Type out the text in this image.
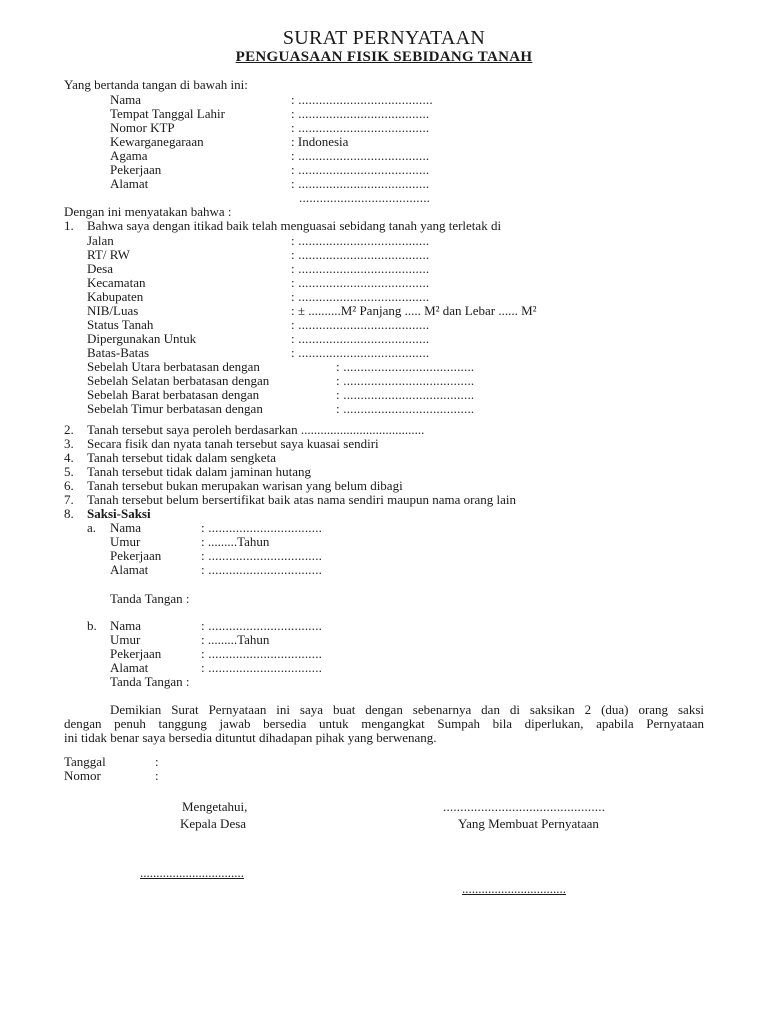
SURAT PERNYATAAN
PENGUASAAN FISIK SEBIDANG TANAH
Yang bertanda tangan di bawah ini:
Nama	: .......................................
Tempat Tanggal Lahir	: ......................................
Nomor KTP	: ......................................
Kewarganegaraan	: Indonesia
Agama	: ......................................
Pekerjaan	: ......................................
Alamat	: ......................................
......................................
Dengan ini menyatakan bahwa :
1. Bahwa saya dengan itikad baik telah menguasai sebidang tanah yang terletak di
Jalan	: ......................................
RT/ RW	: ......................................
Desa	: ......................................
Kecamatan	: ......................................
Kabupaten	: ......................................
NIB/Luas	: ± ..........M² Panjang ..... M² dan Lebar ...... M²
Status Tanah	: ......................................
Dipergunakan Untuk	: ......................................
Batas-Batas	: ......................................
Sebelah Utara berbatasan dengan	: ......................................
Sebelah Selatan berbatasan dengan	: ......................................
Sebelah Barat berbatasan dengan	: ......................................
Sebelah Timur berbatasan dengan	: ......................................
2. Tanah tersebut saya peroleh berdasarkan ......................................
3. Secara fisik dan nyata tanah tersebut saya kuasai sendiri
4. Tanah tersebut tidak dalam sengketa
5. Tanah tersebut tidak dalam jaminan hutang
6. Tanah tersebut bukan merupakan warisan yang belum dibagi
7. Tanah tersebut belum bersertifikat baik atas nama sendiri maupun nama orang lain
8. Saksi-Saksi
a. Nama	: .................................
Umur	: .........Tahun
Pekerjaan	: .................................
Alamat	: .................................
Tanda Tangan :
b. Nama	: .................................
Umur	: .........Tahun
Pekerjaan	: .................................
Alamat	: .................................
Tanda Tangan :
Demikian Surat Pernyataan ini saya buat dengan sebenarnya dan di saksikan 2 (dua) orang saksi
dengan penuh tanggung jawab bersedia untuk mengangkat Sumpah bila diperlukan, apabila Pernyataan
ini tidak benar saya bersedia dituntut dihadapan pihak yang berwenang.
Tanggal	:
Nomor	:
Mengetahui,
Kepala Desa
................................
...............................................
Yang Membuat Pernyataan
................................
